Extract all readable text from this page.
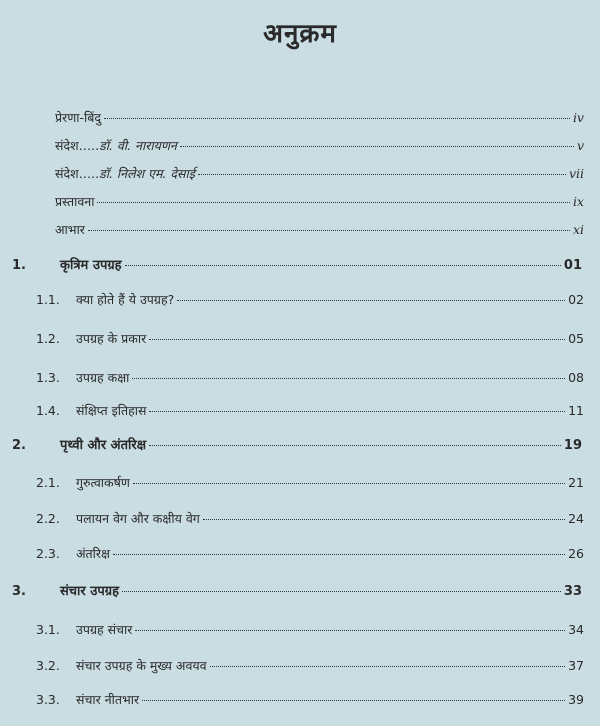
अनुक्रम
प्रेरणा-बिंदु	iv
संदेश ….. डॉ. वी. नारायणन	v
संदेश ….. डॉ. निलेश एम. देसाई	vii
प्रस्तावना	ix
आभार	xi
1.	कृत्रिम उपग्रह	01
1.1.	क्या होते हैं ये उपग्रह?	02
1.2.	उपग्रह के प्रकार	05
1.3.	उपग्रह कक्षा	08
1.4.	संक्षिप्त इतिहास	11
2.	पृथ्वी और अंतरिक्ष	19
2.1.	गुरुत्वाकर्षण	21
2.2.	पलायन वेग और कक्षीय वेग	24
2.3.	अंतरिक्ष	26
3.	संचार उपग्रह	33
3.1.	उपग्रह संचार	34
3.2.	संचार उपग्रह के मुख्य अवयव	37
3.3.	संचार नीतभार	39
